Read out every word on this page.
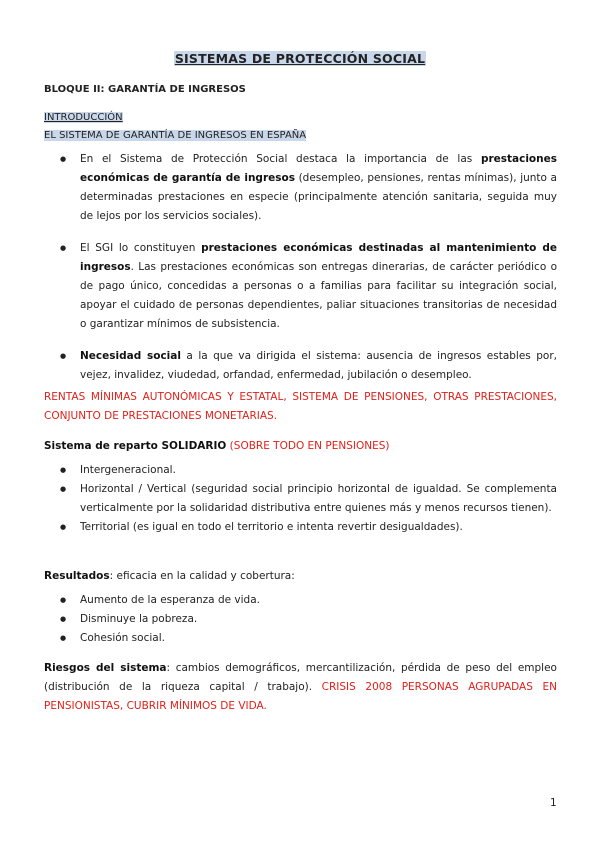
SISTEMAS DE PROTECCIÓN SOCIAL
BLOQUE II: GARANTÍA DE INGRESOS
INTRODUCCIÓN
EL SISTEMA DE GARANTÍA DE INGRESOS EN ESPAÑA
● En el Sistema de Protección Social destaca la importancia de las prestaciones económicas de garantía de ingresos (desempleo, pensiones, rentas mínimas), junto a determinadas prestaciones en especie (principalmente atención sanitaria, seguida muy de lejos por los servicios sociales).
● El SGI lo constituyen prestaciones económicas destinadas al mantenimiento de ingresos. Las prestaciones económicas son entregas dinerarias, de carácter periódico o de pago único, concedidas a personas o a familias para facilitar su integración social, apoyar el cuidado de personas dependientes, paliar situaciones transitorias de necesidad o garantizar mínimos de subsistencia.
● Necesidad social a la que va dirigida el sistema: ausencia de ingresos estables por, vejez, invalidez, viudedad, orfandad, enfermedad, jubilación o desempleo.
RENTAS MÍNIMAS AUTONÓMICAS Y ESTATAL, SISTEMA DE PENSIONES, OTRAS PRESTACIONES, CONJUNTO DE PRESTACIONES MONETARIAS.
Sistema de reparto SOLIDARIO (SOBRE TODO EN PENSIONES)
● Intergeneracional.
● Horizontal / Vertical (seguridad social principio horizontal de igualdad. Se complementa verticalmente por la solidaridad distributiva entre quienes más y menos recursos tienen).
● Territorial (es igual en todo el territorio e intenta revertir desigualdades).
Resultados: eficacia en la calidad y cobertura:
● Aumento de la esperanza de vida.
● Disminuye la pobreza.
● Cohesión social.
Riesgos del sistema: cambios demográficos, mercantilización, pérdida de peso del empleo (distribución de la riqueza capital / trabajo). CRISIS 2008 PERSONAS AGRUPADAS EN PENSIONISTAS, CUBRIR MÍNIMOS DE VIDA.
1
